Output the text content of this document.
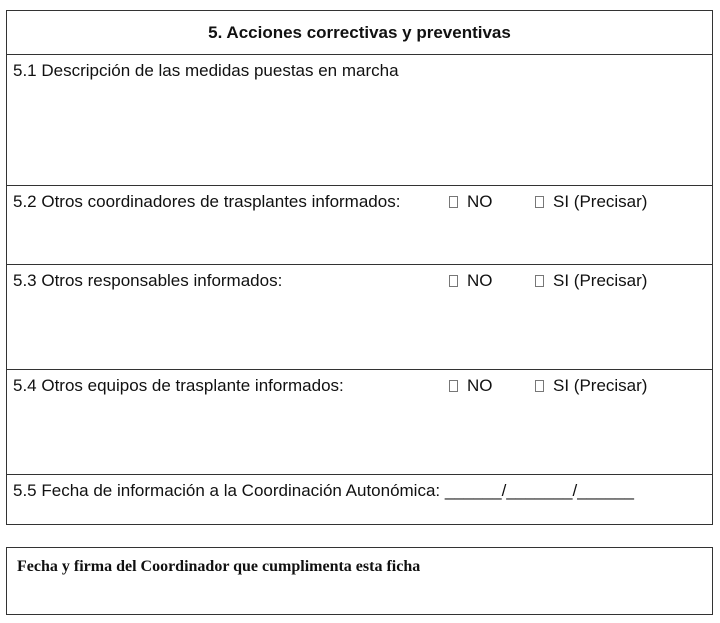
5. Acciones correctivas y preventivas
5.1 Descripción de las medidas puestas en marcha
5.2 Otros coordinadores de trasplantes informados:	NO	SI (Precisar)
5.3 Otros responsables informados:	NO	SI (Precisar)
5.4 Otros equipos de trasplante informados:	NO	SI (Precisar)
5.5 Fecha de información a la Coordinación Autonómica: ______/_______/______
Fecha y firma del Coordinador que cumplimenta esta ficha
